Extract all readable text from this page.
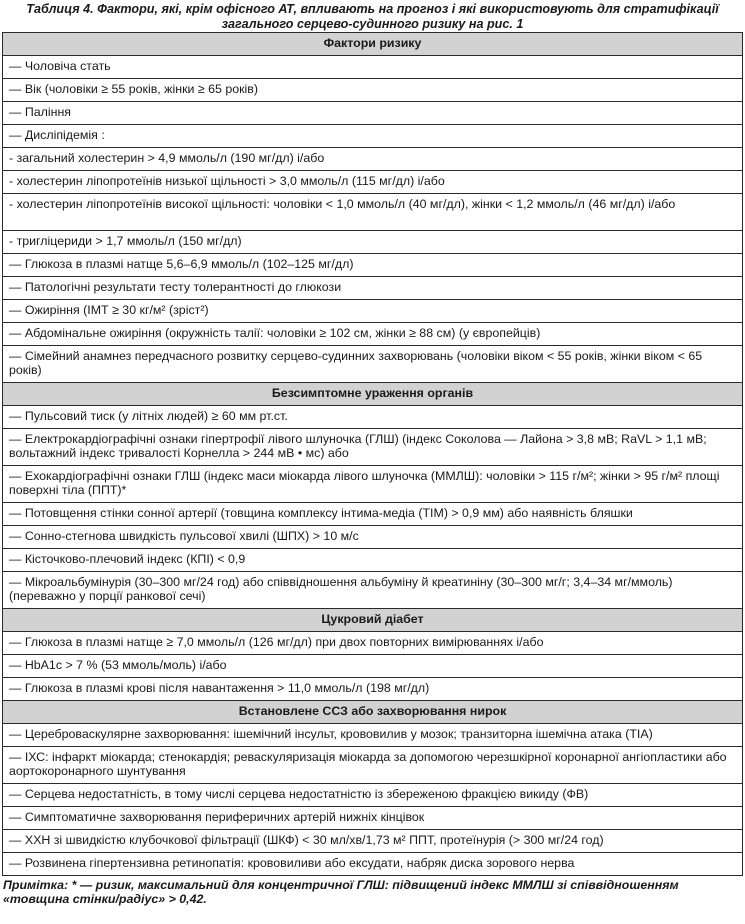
Таблиця 4. Фактори, які, крім офісного АТ, впливають на прогноз і які використовують для стратифікації
загального серцево-судинного ризику на рис. 1
Фактори ризику
— Чоловіча стать
— Вік (чоловіки ≥ 55 років, жінки ≥ 65 років)
— Паління
— Дисліпідемія :
- загальний холестерин > 4,9 ммоль/л (190 мг/дл) і/або
- холестерин ліпопротеїнів низької щільності > 3,0 ммоль/л (115 мг/дл) і/або
- холестерин ліпопротеїнів високої щільності: чоловіки < 1,0 ммоль/л (40 мг/дл), жінки < 1,2 ммоль/л (46 мг/дл) і/або
- тригліцериди > 1,7 ммоль/л (150 мг/дл)
— Глюкоза в плазмі натще 5,6–6,9 ммоль/л (102–125 мг/дл)
— Патологічні результати тесту толерантності до глюкози
— Ожиріння (ІМТ ≥ 30 кг/м² (зріст²)
— Абдомінальне ожиріння (окружність талії: чоловіки ≥ 102 см, жінки ≥ 88 см) (у європейців)
— Сімейний анамнез передчасного розвитку серцево-судинних захворювань (чоловіки віком < 55 років, жінки віком < 65 років)
Безсимптомне ураження органів
— Пульсовий тиск (у літніх людей) ≥ 60 мм рт.ст.
— Електрокардіографічні ознаки гіпертрофії лівого шлуночка (ГЛШ) (індекс Соколова — Лайона > 3,8 мВ; RaVL > 1,1 мВ; вольтажний індекс тривалості Корнелла > 244 мВ • мс) або
— Ехокардіографічні ознаки ГЛШ (індекс маси міокарда лівого шлуночка (ММЛШ): чоловіки > 115 г/м²; жінки > 95 г/м² площі поверхні тіла (ППТ)*
— Потовщення стінки сонної артерії (товщина комплексу інтима-медіа (ТІМ) > 0,9 мм) або наявність бляшки
— Сонно-стегнова швидкість пульсової хвилі (ШПХ) > 10 м/с
— Кісточково-плечовий індекс (КПІ) < 0,9
— Мікроальбумінурія (30–300 мг/24 год) або співвідношення альбуміну й креатиніну (30–300 мг/г; 3,4–34 мг/ммоль) (переважно у порції ранкової сечі)
Цукровий діабет
— Глюкоза в плазмі натще ≥ 7,0 ммоль/л (126 мг/дл) при двох повторних вимірюваннях і/або
— HbA1c > 7 % (53 ммоль/моль) і/або
— Глюкоза в плазмі крові після навантаження > 11,0 ммоль/л (198 мг/дл)
Встановлене ССЗ або захворювання нирок
— Цереброваскулярне захворювання: ішемічний інсульт, крововилив у мозок; транзиторна ішемічна атака (ТІА)
— ІХС: інфаркт міокарда; стенокардія; реваскуляризація міокарда за допомогою черезшкірної коронарної ангіопластики або аортокоронарного шунтування
— Серцева недостатність, в тому числі серцева недостатністю із збереженою фракцією викиду (ФВ)
— Симптоматичне захворювання периферичних артерій нижніх кінцівок
— ХХН зі швидкістю клубочкової фільтрації (ШКФ) < 30 мл/хв/1,73 м² ППТ, протеїнурія (> 300 мг/24 год)
— Розвинена гіпертензивна ретинопатія: крововиливи або ексудати, набряк диска зорового нерва
Примітка: * — ризик, максимальний для концентричної ГЛШ: підвищений індекс ММЛШ зі співвідношенням «товщина стінки/радіус» > 0,42.
